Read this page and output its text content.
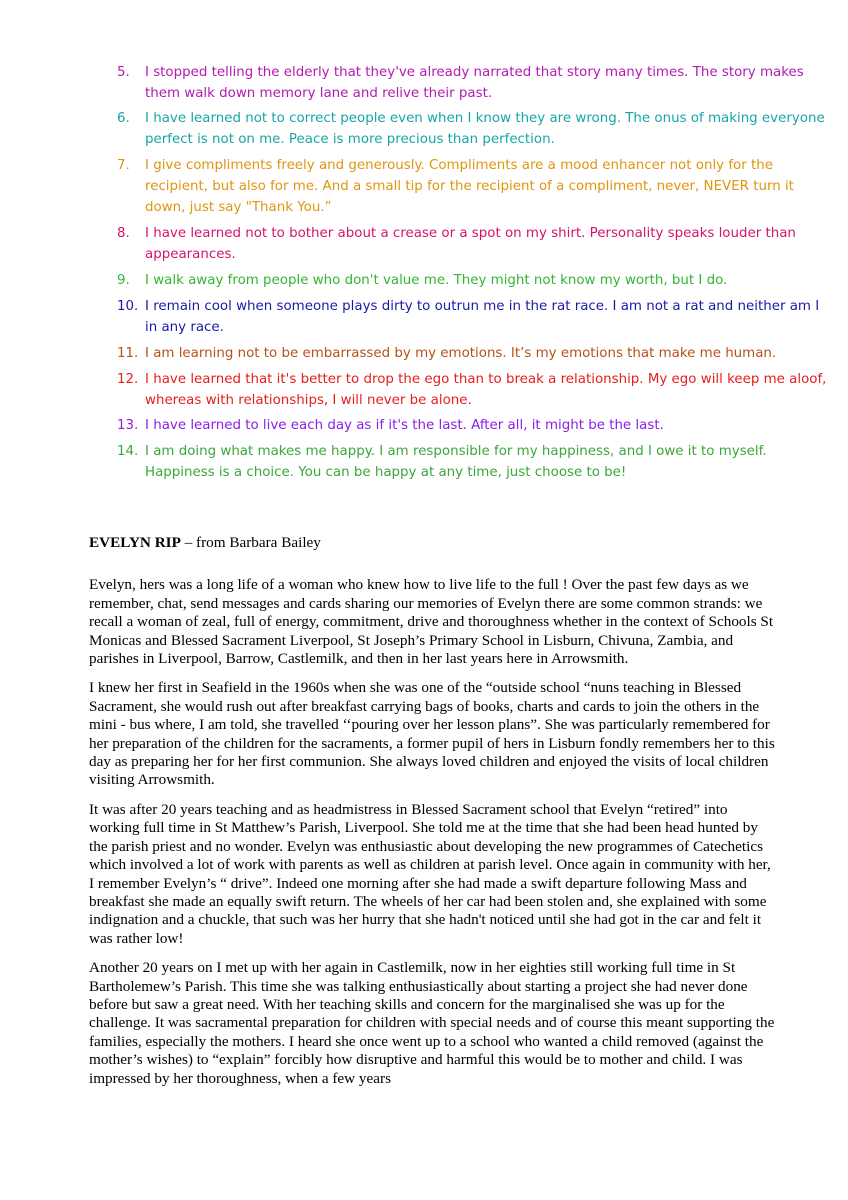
5. I stopped telling the elderly that they've already narrated that story many times. The story makes them walk down memory lane and relive their past.
6. I have learned not to correct people even when I know they are wrong. The onus of making everyone perfect is not on me. Peace is more precious than perfection.
7. I give compliments freely and generously. Compliments are a mood enhancer not only for the recipient, but also for me. And a small tip for the recipient of a compliment, never, NEVER turn it down, just say "Thank You.”
8. I have learned not to bother about a crease or a spot on my shirt. Personality speaks louder than appearances.
9. I walk away from people who don't value me. They might not know my worth, but I do.
10. I remain cool when someone plays dirty to outrun me in the rat race. I am not a rat and neither am I in any race.
11. I am learning not to be embarrassed by my emotions. It’s my emotions that make me human.
12. I have learned that it's better to drop the ego than to break a relationship. My ego will keep me aloof, whereas with relationships, I will never be alone.
13. I have learned to live each day as if it's the last. After all, it might be the last.
14. I am doing what makes me happy. I am responsible for my happiness, and I owe it to myself. Happiness is a choice. You can be happy at any time, just choose to be!
EVELYN RIP – from Barbara Bailey

Evelyn, hers was a long life of a woman who knew how to live life to the full ! Over the past few days as we remember, chat, send messages and cards sharing our memories of Evelyn there are some common strands: we recall a woman of zeal, full of energy, commitment, drive and thoroughness whether in the context of Schools St Monicas and Blessed Sacrament Liverpool, St Joseph’s Primary School in Lisburn, Chivuna, Zambia, and parishes in Liverpool, Barrow, Castlemilk, and then in her last years here in Arrowsmith.

I knew her first in Seafield in the 1960s when she was one of the “outside school “nuns teaching in Blessed Sacrament, she would rush out after breakfast carrying bags of books, charts and cards to join the others in the mini - bus where, I am told, she travelled ‘‘pouring over her lesson plans”. She was particularly remembered for her preparation of the children for the sacraments, a former pupil of hers in Lisburn fondly remembers her to this day as preparing her for her first communion. She always loved children and enjoyed the visits of local children visiting Arrowsmith.

It was after 20 years teaching and as headmistress in Blessed Sacrament school that Evelyn “retired” into working full time in St Matthew’s Parish, Liverpool. She told me at the time that she had been head hunted by the parish priest and no wonder. Evelyn was enthusiastic about developing the new programmes of Catechetics which involved a lot of work with parents as well as children at parish level. Once again in community with her, I remember Evelyn’s “ drive”. Indeed one morning after she had made a swift departure following Mass and breakfast she made an equally swift return. The wheels of her car had been stolen and, she explained with some indignation and a chuckle, that such was her hurry that she hadn't noticed until she had got in the car and felt it was rather low!

Another 20 years on I met up with her again in Castlemilk, now in her eighties still working full time in St Bartholemew’s Parish. This time she was talking enthusiastically about starting a project she had never done before but saw a great need. With her teaching skills and concern for the marginalised she was up for the challenge. It was sacramental preparation for children with special needs and of course this meant supporting the families, especially the mothers. I heard she once went up to a school who wanted a child removed (against the mother’s wishes) to “explain” forcibly how disruptive and harmful this would be to mother and child. I was impressed by her thoroughness, when a few years
